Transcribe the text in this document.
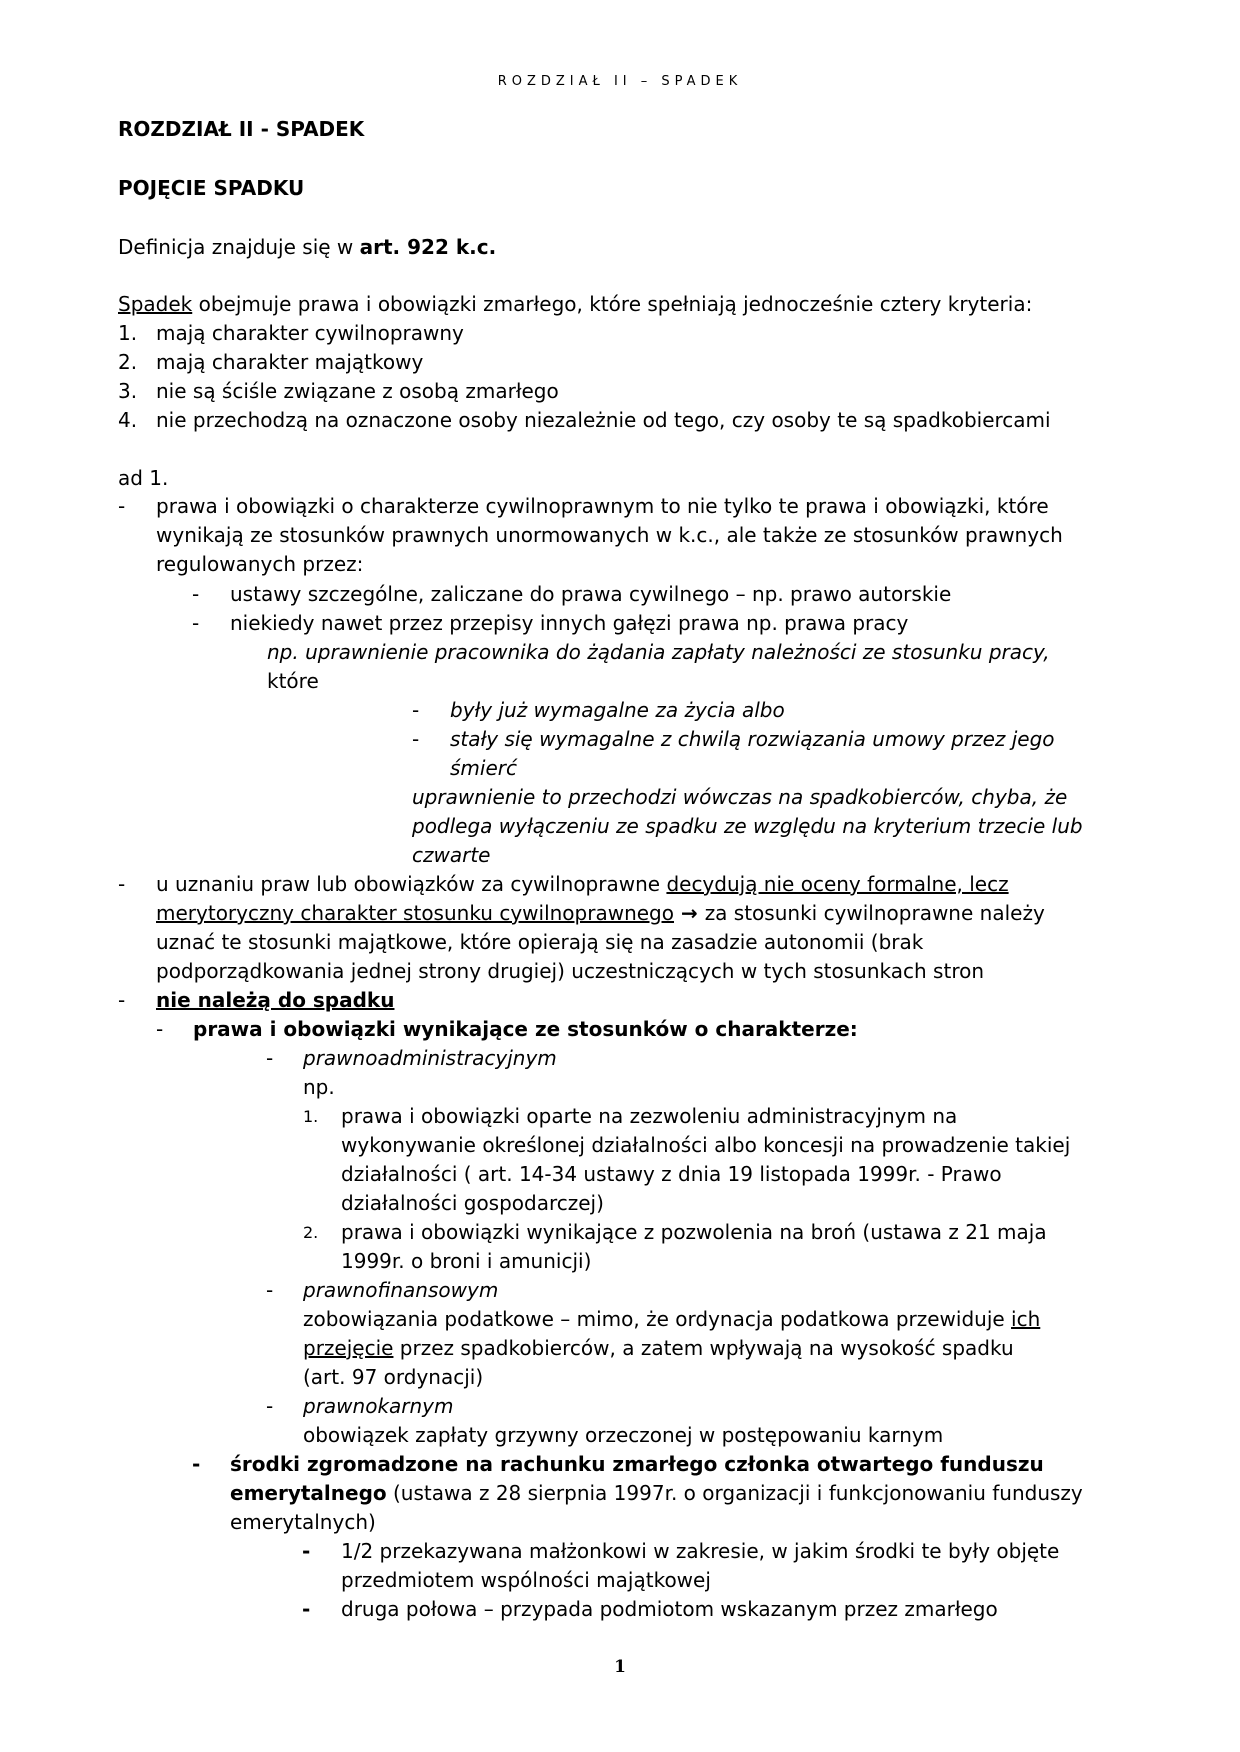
ROZDZIAŁ II – SPADEK
ROZDZIAŁ II - SPADEK
POJĘCIE SPADKU
Definicja znajduje się w art. 922 k.c.
Spadek obejmuje prawa i obowiązki zmarłego, które spełniają jednocześnie cztery kryteria:
1. mają charakter cywilnoprawny
2. mają charakter majątkowy
3. nie są ściśle związane z osobą zmarłego
4. nie przechodzą na oznaczone osoby niezależnie od tego, czy osoby te są spadkobiercami
ad 1.
- prawa i obowiązki o charakterze cywilnoprawnym to nie tylko te prawa i obowiązki, które
wynikają ze stosunków prawnych unormowanych w k.c., ale także ze stosunków prawnych
regulowanych przez:
- ustawy szczególne, zaliczane do prawa cywilnego – np. prawo autorskie
- niekiedy nawet przez przepisy innych gałęzi prawa np. prawa pracy
np. uprawnienie pracownika do żądania zapłaty należności ze stosunku pracy,
które
- były już wymagalne za życia albo
- stały się wymagalne z chwilą rozwiązania umowy przez jego
śmierć
uprawnienie to przechodzi wówczas na spadkobierców, chyba, że
podlega wyłączeniu ze spadku ze względu na kryterium trzecie lub
czwarte
- u uznaniu praw lub obowiązków za cywilnoprawne decydują nie oceny formalne, lecz
merytoryczny charakter stosunku cywilnoprawnego → za stosunki cywilnoprawne należy
uznać te stosunki majątkowe, które opierają się na zasadzie autonomii (brak
podporządkowania jednej strony drugiej) uczestniczących w tych stosunkach stron
- nie należą do spadku
- prawa i obowiązki wynikające ze stosunków o charakterze:
- prawnoadministracyjnym
np.
1. prawa i obowiązki oparte na zezwoleniu administracyjnym na
wykonywanie określonej działalności albo koncesji na prowadzenie takiej
działalności ( art. 14-34 ustawy z dnia 19 listopada 1999r. - Prawo
działalności gospodarczej)
2. prawa i obowiązki wynikające z pozwolenia na broń (ustawa z 21 maja
1999r. o broni i amunicji)
- prawnofinansowym
zobowiązania podatkowe – mimo, że ordynacja podatkowa przewiduje ich
przejęcie przez spadkobierców, a zatem wpływają na wysokość spadku
(art. 97 ordynacji)
- prawnokarnym
obowiązek zapłaty grzywny orzeczonej w postępowaniu karnym
- środki zgromadzone na rachunku zmarłego członka otwartego funduszu
emerytalnego (ustawa z 28 sierpnia 1997r. o organizacji i funkcjonowaniu funduszy
emerytalnych)
- 1/2 przekazywana małżonkowi w zakresie, w jakim środki te były objęte
przedmiotem wspólności majątkowej
- druga połowa – przypada podmiotom wskazanym przez zmarłego
1
